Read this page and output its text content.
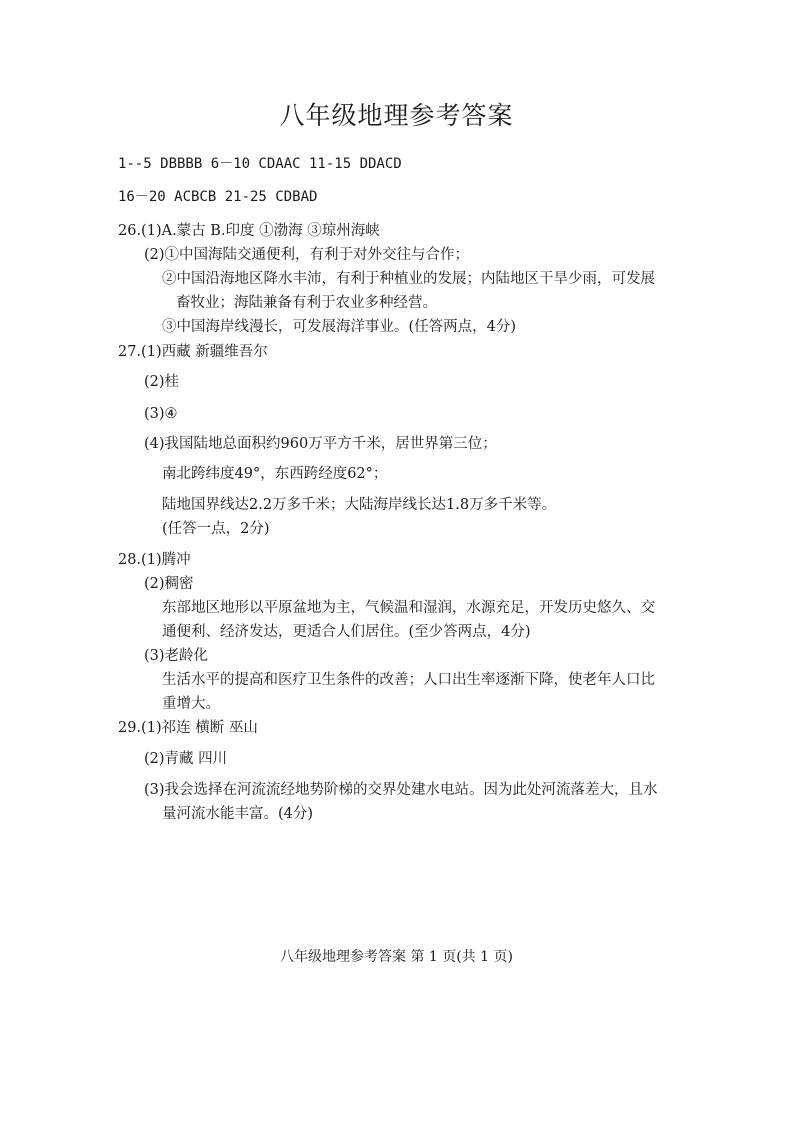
八年级地理参考答案
1--5 DBBBB 6－10 CDAAC 11-15 DDACD
16－20 ACBCB 21-25 CDBAD
26.(1)A.蒙古 B.印度 ①渤海 ③琼州海峡
(2)①中国海陆交通便利，有利于对外交往与合作；
②中国沿海地区降水丰沛，有利于种植业的发展；内陆地区干旱少雨，可发展
畜牧业；海陆兼备有利于农业多种经营。
③中国海岸线漫长，可发展海洋事业。(任答两点，4分)
27.(1)西藏 新疆维吾尔
(2)桂
(3)④
(4)我国陆地总面积约960万平方千米，居世界第三位；
南北跨纬度49°，东西跨经度62°；
陆地国界线达2.2万多千米；大陆海岸线长达1.8万多千米等。
(任答一点，2分)
28.(1)腾冲
(2)稠密
东部地区地形以平原盆地为主，气候温和湿润，水源充足，开发历史悠久、交
通便利、经济发达，更适合人们居住。(至少答两点，4分)
(3)老龄化
生活水平的提高和医疗卫生条件的改善；人口出生率逐渐下降，使老年人口比
重增大。
29.(1)祁连 横断 巫山
(2)青藏 四川
(3)我会选择在河流流经地势阶梯的交界处建水电站。因为此处河流落差大，且水
量河流水能丰富。(4分)
八年级地理参考答案 第 1 页(共 1 页)
